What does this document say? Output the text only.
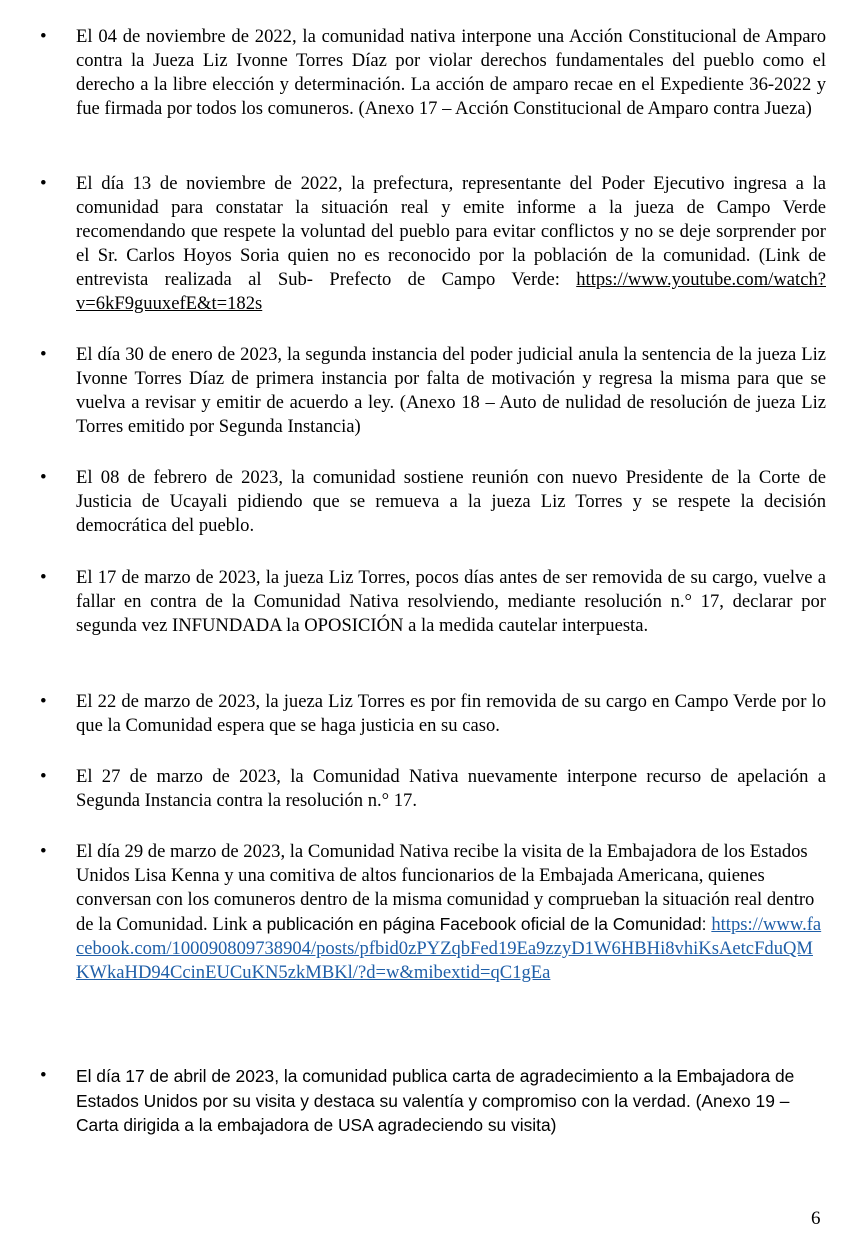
•	El 04 de noviembre de 2022, la comunidad nativa interpone una Acción Constitucional de Amparo contra la Jueza Liz Ivonne Torres Díaz por violar derechos fundamentales del pueblo como el derecho a la libre elección y determinación. La acción de amparo recae en el Expediente 36-2022 y fue firmada por todos los comuneros. (Anexo 17 – Acción Constitucional de Amparo contra Jueza)
•	El día 13 de noviembre de 2022, la prefectura, representante del Poder Ejecutivo ingresa a la comunidad para constatar la situación real y emite informe a la jueza de Campo Verde recomendando que respete la voluntad del pueblo para evitar conflictos y no se deje sorprender por el Sr. Carlos Hoyos Soria quien no es reconocido por la población de la comunidad. (Link de entrevista realizada al Sub- Prefecto de Campo Verde: https://www.youtube.com/watch?v=6kF9guuxefE&t=182s
•	El día 30 de enero de 2023, la segunda instancia del poder judicial anula la sentencia de la jueza Liz Ivonne Torres Díaz de primera instancia por falta de motivación y regresa la misma para que se vuelva a revisar y emitir de acuerdo a ley. (Anexo 18 – Auto de nulidad de resolución de jueza Liz Torres emitido por Segunda Instancia)
•	El 08 de febrero de 2023, la comunidad sostiene reunión con nuevo Presidente de la Corte de Justicia de Ucayali pidiendo que se remueva a la jueza Liz Torres y se respete la decisión democrática del pueblo.
•	El 17 de marzo de 2023, la jueza Liz Torres, pocos días antes de ser removida de su cargo, vuelve a fallar en contra de la Comunidad Nativa resolviendo, mediante resolución n.° 17, declarar por segunda vez INFUNDADA la OPOSICIÓN a la medida cautelar interpuesta.
•	El 22 de marzo de 2023, la jueza Liz Torres es por fin removida de su cargo en Campo Verde por lo que la Comunidad espera que se haga justicia en su caso.
•	El 27 de marzo de 2023, la Comunidad Nativa nuevamente interpone recurso de apelación a Segunda Instancia contra la resolución n.° 17.
•	El día 29 de marzo de 2023, la Comunidad Nativa recibe la visita de la Embajadora de los Estados Unidos Lisa Kenna y una comitiva de altos funcionarios de la Embajada Americana, quienes conversan con los comuneros dentro de la misma comunidad y comprueban la situación real dentro de la Comunidad. Link a publicación en página Facebook oficial de la Comunidad: https://www.facebook.com/100090809738904/posts/pfbid0zPYZqbFed19Ea9zzyD1W6HBHi8vhiKsAetcFduQMKWkaHD94CcinEUCuKN5zkMBKl/?d=w&mibextid=qC1gEa
•	El día 17 de abril de 2023, la comunidad publica carta de agradecimiento a la Embajadora de Estados Unidos por su visita y destaca su valentía y compromiso con la verdad. (Anexo 19 – Carta dirigida a la embajadora de USA agradeciendo su visita)
6
